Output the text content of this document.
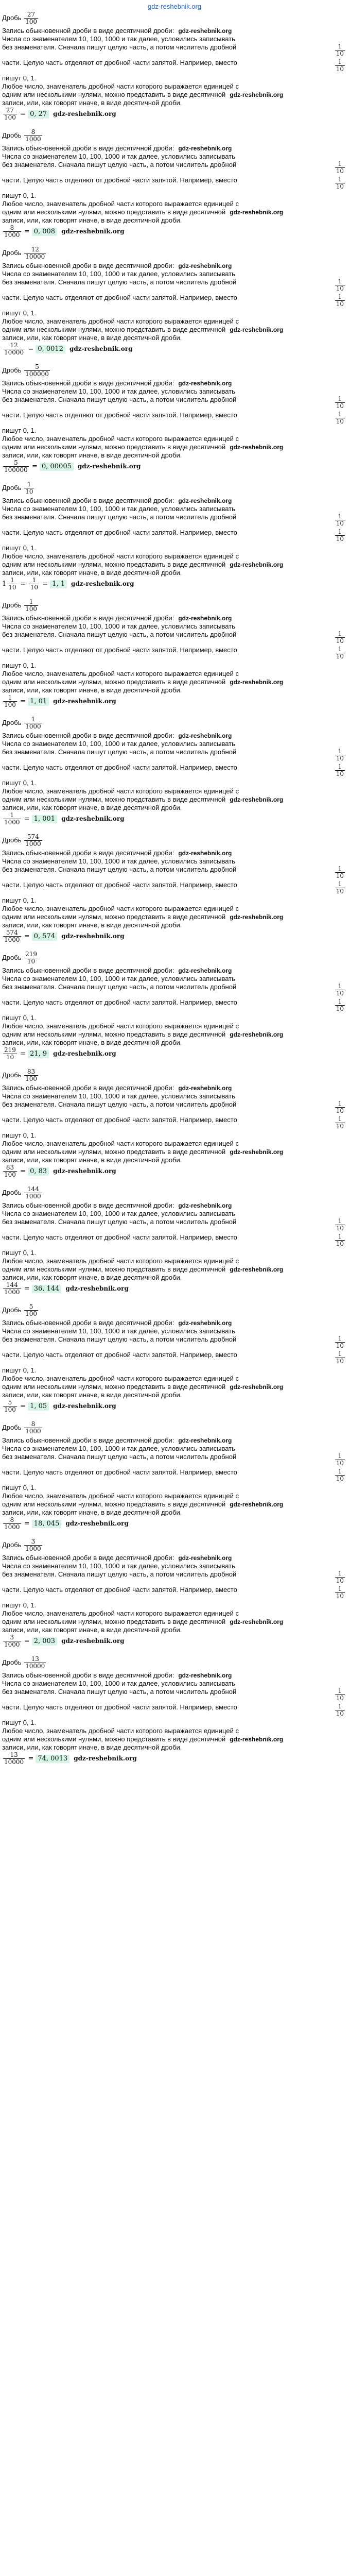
gdz-reshebnik.org
Дробь $\frac{27}{100}$
Запись обыкновенной дроби в виде десятичной дроби: gdz-reshebnik.org
Числа со знаменателем 10, 100, 1000 и так далее, условились записывать
без знаменателя. Сначала пишут целую часть, а потом числитель дробной	$\frac{1}{10}$
части. Целую часть отделяют от дробной части запятой. Например, вместо	$\frac{1}{10}$
пишут 0, 1.
Любое число, знаменатель дробной части которого выражается единицей с
одним или несколькими нулями, можно представить в виде десятичной gdz-reshebnik.org
записи, или, как говорят иначе, в виде десятичной дроби.
$\frac{27}{100} = 0$, 27 gdz-reshebnik.org
Дробь $\frac{8}{1000}$
Запись обыкновенной дроби в виде десятичной дроби: gdz-reshebnik.org
Числа со знаменателем 10, 100, 1000 и так далее, условились записывать
без знаменателя. Сначала пишут целую часть, а потом числитель дробной	$\frac{1}{10}$
части. Целую часть отделяют от дробной части запятой. Например, вместо	$\frac{1}{10}$
пишут 0, 1.
Любое число, знаменатель дробной части которого выражается единицей с
одним или несколькими нулями, можно представить в виде десятичной gdz-reshebnik.org
записи, или, как говорят иначе, в виде десятичной дроби.
$\frac{8}{1000} = 0$, 008 gdz-reshebnik.org
Дробь $\frac{12}{10000}$
Запись обыкновенной дроби в виде десятичной дроби: gdz-reshebnik.org
Числа со знаменателем 10, 100, 1000 и так далее, условились записывать
без знаменателя. Сначала пишут целую часть, а потом числитель дробной	$\frac{1}{10}$
части. Целую часть отделяют от дробной части запятой. Например, вместо	$\frac{1}{10}$
пишут 0, 1.
Любое число, знаменатель дробной части которого выражается единицей с
одним или несколькими нулями, можно представить в виде десятичной gdz-reshebnik.org
записи, или, как говорят иначе, в виде десятичной дроби.
$\frac{12}{10000} = 0$, 0012 gdz-reshebnik.org
Дробь $\frac{5}{100000}$
Запись обыкновенной дроби в виде десятичной дроби: gdz-reshebnik.org
Числа со знаменателем 10, 100, 1000 и так далее, условились записывать
без знаменателя. Сначала пишут целую часть, а потом числитель дробной	$\frac{1}{10}$
части. Целую часть отделяют от дробной части запятой. Например, вместо	$\frac{1}{10}$
пишут 0, 1.
Любое число, знаменатель дробной части которого выражается единицей с
одним или несколькими нулями, можно представить в виде десятичной gdz-reshebnik.org
записи, или, как говорят иначе, в виде десятичной дроби.
$\frac{5}{100000} = 0$, 00005 gdz-reshebnik.org
Дробь $\frac{1}{10}$
Запись обыкновенной дроби в виде десятичной дроби: gdz-reshebnik.org
Числа со знаменателем 10, 100, 1000 и так далее, условились записывать
без знаменателя. Сначала пишут целую часть, а потом числитель дробной	$\frac{1}{10}$
части. Целую часть отделяют от дробной части запятой. Например, вместо	$\frac{1}{10}$
пишут 0, 1.
Любое число, знаменатель дробной части которого выражается единицей с
одним или несколькими нулями, можно представить в виде десятичной gdz-reshebnik.org
записи, или, как говорят иначе, в виде десятичной дроби.
$1 \frac{1}{10} = \frac{1}{10} = 1$, 1 gdz-reshebnik.org
Дробь $\frac{1}{100}$
Запись обыкновенной дроби в виде десятичной дроби: gdz-reshebnik.org
Числа со знаменателем 10, 100, 1000 и так далее, условились записывать
без знаменателя. Сначала пишут целую часть, а потом числитель дробной	$\frac{1}{10}$
части. Целую часть отделяют от дробной части запятой. Например, вместо	$\frac{1}{10}$
пишут 0, 1.
Любое число, знаменатель дробной части которого выражается единицей с
одним или несколькими нулями, можно представить в виде десятичной gdz-reshebnik.org
записи, или, как говорят иначе, в виде десятичной дроби.
$\frac{1}{100} = 1$, 01 gdz-reshebnik.org
Дробь $\frac{1}{1000}$
Запись обыкновенной дроби в виде десятичной дроби: gdz-reshebnik.org
Числа со знаменателем 10, 100, 1000 и так далее, условились записывать
без знаменателя. Сначала пишут целую часть, а потом числитель дробной	$\frac{1}{10}$
части. Целую часть отделяют от дробной части запятой. Например, вместо	$\frac{1}{10}$
пишут 0, 1.
Любое число, знаменатель дробной части которого выражается единицей с
одним или несколькими нулями, можно представить в виде десятичной gdz-reshebnik.org
записи, или, как говорят иначе, в виде десятичной дроби.
$\frac{1}{1000} = 1$, 001 gdz-reshebnik.org
Дробь $\frac{574}{1000}$
Запись обыкновенной дроби в виде десятичной дроби: gdz-reshebnik.org
Числа со знаменателем 10, 100, 1000 и так далее, условились записывать
без знаменателя. Сначала пишут целую часть, а потом числитель дробной	$\frac{1}{10}$
части. Целую часть отделяют от дробной части запятой. Например, вместо	$\frac{1}{10}$
пишут 0, 1.
Любое число, знаменатель дробной части которого выражается единицей с
одним или несколькими нулями, можно представить в виде десятичной gdz-reshebnik.org
записи, или, как говорят иначе, в виде десятичной дроби.
$\frac{574}{1000} = 0$, 574 gdz-reshebnik.org
Дробь $\frac{219}{10}$
Запись обыкновенной дроби в виде десятичной дроби: gdz-reshebnik.org
Числа со знаменателем 10, 100, 1000 и так далее, условились записывать
без знаменателя. Сначала пишут целую часть, а потом числитель дробной	$\frac{1}{10}$
части. Целую часть отделяют от дробной части запятой. Например, вместо	$\frac{1}{10}$
пишут 0, 1.
Любое число, знаменатель дробной части которого выражается единицей с
одним или несколькими нулями, можно представить в виде десятичной gdz-reshebnik.org
записи, или, как говорят иначе, в виде десятичной дроби.
$\frac{219}{10} = 21$, 9 gdz-reshebnik.org
Дробь $\frac{83}{100}$
Запись обыкновенной дроби в виде десятичной дроби: gdz-reshebnik.org
Числа со знаменателем 10, 100, 1000 и так далее, условились записывать
без знаменателя. Сначала пишут целую часть, а потом числитель дробной	$\frac{1}{10}$
части. Целую часть отделяют от дробной части запятой. Например, вместо	$\frac{1}{10}$
пишут 0, 1.
Любое число, знаменатель дробной части которого выражается единицей с
одним или несколькими нулями, можно представить в виде десятичной gdz-reshebnik.org
записи, или, как говорят иначе, в виде десятичной дроби.
$\frac{83}{100} = 0$, 83 gdz-reshebnik.org
Дробь $\frac{144}{1000}$
Запись обыкновенной дроби в виде десятичной дроби: gdz-reshebnik.org
Числа со знаменателем 10, 100, 1000 и так далее, условились записывать
без знаменателя. Сначала пишут целую часть, а потом числитель дробной	$\frac{1}{10}$
части. Целую часть отделяют от дробной части запятой. Например, вместо	$\frac{1}{10}$
пишут 0, 1.
Любое число, знаменатель дробной части которого выражается единицей с
одним или несколькими нулями, можно представить в виде десятичной gdz-reshebnik.org
записи, или, как говорят иначе, в виде десятичной дроби.
$\frac{144}{1000} = 36$, 144 gdz-reshebnik.org
Дробь $\frac{5}{100}$
Запись обыкновенной дроби в виде десятичной дроби: gdz-reshebnik.org
Числа со знаменателем 10, 100, 1000 и так далее, условились записывать
без знаменателя. Сначала пишут целую часть, а потом числитель дробной	$\frac{1}{10}$
части. Целую часть отделяют от дробной части запятой. Например, вместо	$\frac{1}{10}$
пишут 0, 1.
Любое число, знаменатель дробной части которого выражается единицей с
одним или несколькими нулями, можно представить в виде десятичной gdz-reshebnik.org
записи, или, как говорят иначе, в виде десятичной дроби.
$\frac{5}{100} = 1$, 05 gdz-reshebnik.org
Дробь $\frac{8}{1000}$
Запись обыкновенной дроби в виде десятичной дроби: gdz-reshebnik.org
Числа со знаменателем 10, 100, 1000 и так далее, условились записывать
без знаменателя. Сначала пишут целую часть, а потом числитель дробной	$\frac{1}{10}$
части. Целую часть отделяют от дробной части запятой. Например, вместо	$\frac{1}{10}$
пишут 0, 1.
Любое число, знаменатель дробной части которого выражается единицей с
одним или несколькими нулями, можно представить в виде десятичной gdz-reshebnik.org
записи, или, как говорят иначе, в виде десятичной дроби.
$\frac{8}{1000} = 18$, 045 gdz-reshebnik.org
Дробь $\frac{3}{1000}$
Запись обыкновенной дроби в виде десятичной дроби: gdz-reshebnik.org
Числа со знаменателем 10, 100, 1000 и так далее, условились записывать
без знаменателя. Сначала пишут целую часть, а потом числитель дробной	$\frac{1}{10}$
части. Целую часть отделяют от дробной части запятой. Например, вместо	$\frac{1}{10}$
пишут 0, 1.
Любое число, знаменатель дробной части которого выражается единицей с
одним или несколькими нулями, можно представить в виде десятичной gdz-reshebnik.org
записи, или, как говорят иначе, в виде десятичной дроби.
$\frac{3}{1000} = 2$, 003 gdz-reshebnik.org
Дробь $\frac{13}{10000}$
Запись обыкновенной дроби в виде десятичной дроби: gdz-reshebnik.org
Числа со знаменателем 10, 100, 1000 и так далее, условились записывать
без знаменателя. Сначала пишут целую часть, а потом числитель дробной	$\frac{1}{10}$
части. Целую часть отделяют от дробной части запятой. Например, вместо	$\frac{1}{10}$
пишут 0, 1.
Любое число, знаменатель дробной части которого выражается единицей с
одним или несколькими нулями, можно представить в виде десятичной gdz-reshebnik.org
записи, или, как говорят иначе, в виде десятичной дроби.
$\frac{13}{10000} = 74$, 0013 gdz-reshebnik.org
